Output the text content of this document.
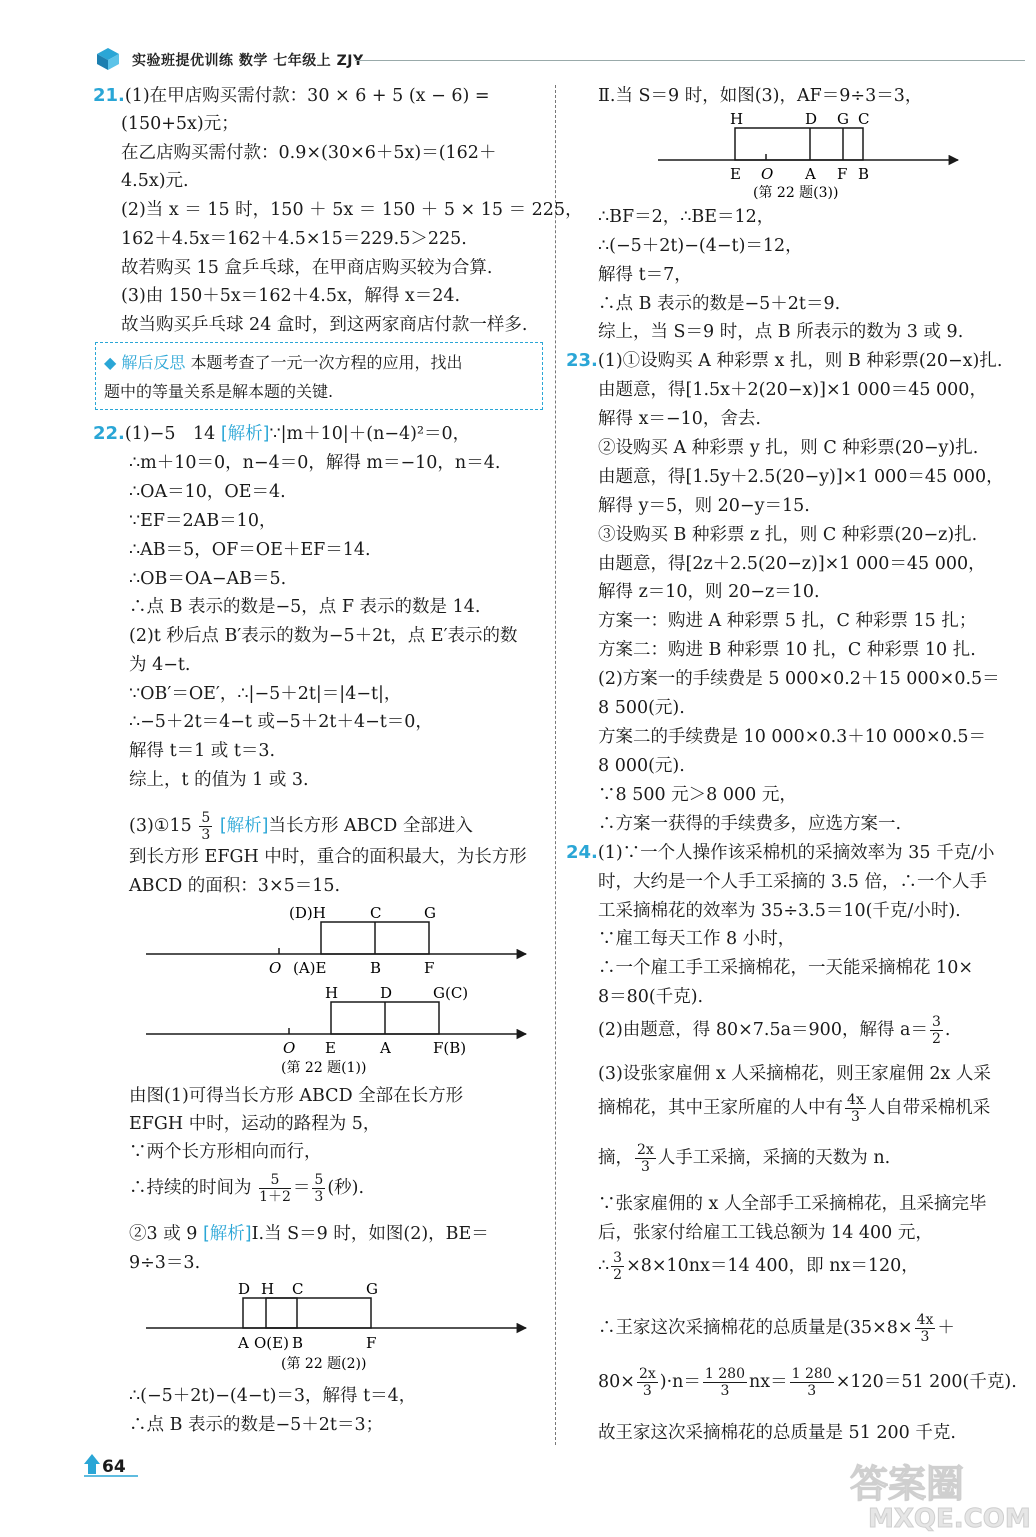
实验班提优训练 数学 七年级上 ZJY
21.(1)在甲店购买需付款：30 × 6 + 5 (x − 6) =
(150+5x)元；
在乙店购买需付款：0.9×(30×6＋5x)＝(162＋
4.5x)元.
(2)当 x ＝ 15 时，150 ＋ 5x ＝ 150 ＋ 5 × 15 ＝ 225，
162＋4.5x＝162＋4.5×15＝229.5＞225.
故若购买 15 盒乒乓球，在甲商店购买较为合算.
(3)由 150＋5x＝162＋4.5x，解得 x＝24.
故当购买乒乓球 24 盒时，到这两家商店付款一样多.
22.(1)−5　14 [解析]∵|m＋10|＋(n−4)²＝0，
∴m＋10＝0，n−4＝0，解得 m＝−10，n＝4.
∴OA＝10，OE＝4.
∵EF＝2AB＝10，
∴AB＝5，OF＝OE＋EF＝14.
∴OB＝OA−AB＝5.
∴点 B 表示的数是−5，点 F 表示的数是 14.
(2)t 秒后点 B′表示的数为−5＋2t，点 E′表示的数
为 4−t.
∵OB′＝OE′，∴|−5＋2t|＝|4−t|，
∴−5＋2t＝4−t 或−5＋2t＋4−t＝0，
解得 t＝1 或 t＝3.
综上，t 的值为 1 或 3.
(3)①15 $\frac{5}{3}$ [解析]当长方形 ABCD 全部进入
到长方形 EFGH 中时，重合的面积最大，为长方形
ABCD 的面积：3×5＝15.
(D)H	C	G
O (A)E	B	F
H	D	G(C)
O E	A	F(B)
(第 22 题(1))
由图(1)可得当长方形 ABCD 全部在长方形
EFGH 中时，运动的路程为 5，
∵两个长方形相向而行，
∴持续的时间为 $\frac{5}{1+2} = \frac{5}{3}$ (秒).
②3 或 9 [解析]Ⅰ.当 S＝9 时，如图(2)，BE＝
9÷3＝3.
D H C	G
A O(E) B	F
(第 22 题(2))
∴(−5＋2t)−(4−t)＝3，解得 t＝4，
∴点 B 表示的数是−5＋2t＝3；
◆ 解后反思 本题考查了一元一次方程的应用，找出
题中的等量关系是解本题的关键.
Ⅱ.当 S＝9 时，如图(3)，AF＝9÷3＝3，
H	D G C
E O A F B
(第 22 题(3))
∴BF＝2，∴BE＝12，
∴(−5＋2t)−(4−t)＝12，
解得 t＝7，
∴点 B 表示的数是−5＋2t＝9.
综上，当 S＝9 时，点 B 所表示的数为 3 或 9.
23.(1)①设购买 A 种彩票 x 扎，则 B 种彩票(20−x)扎.
由题意，得[1.5x＋2(20−x)]×1 000＝45 000，
解得 x＝−10，舍去.
②设购买 A 种彩票 y 扎，则 C 种彩票(20−y)扎.
由题意，得[1.5y＋2.5(20−y)]×1 000＝45 000，
解得 y＝5，则 20−y＝15.
③设购买 B 种彩票 z 扎，则 C 种彩票(20−z)扎.
由题意，得[2z＋2.5(20−z)]×1 000＝45 000，
解得 z＝10，则 20−z＝10.
方案一：购进 A 种彩票 5 扎，C 种彩票 15 扎；
方案二：购进 B 种彩票 10 扎，C 种彩票 10 扎.
(2)方案一的手续费是 5 000×0.2＋15 000×0.5＝
8 500(元).
方案二的手续费是 10 000×0.3＋10 000×0.5＝
8 000(元).
∵8 500 元＞8 000 元，
∴方案一获得的手续费多，应选方案一.
24.(1)∵一个人操作该采棉机的采摘效率为 35 千克/小
时，大约是一个人手工采摘的 3.5 倍，∴一个人手
工采摘棉花的效率为 35÷3.5＝10(千克/小时).
∵雇工每天工作 8 小时，
∴一个雇工手工采摘棉花，一天能采摘棉花 10×
8＝80(千克).
(2)由题意，得 80×7.5a＝900，解得 $a= \frac{3}{2}$ .
(3)设张家雇佣 x 人采摘棉花，则王家雇佣 2x 人采
摘棉花，其中王家所雇的人中有 $\frac{4x}{3}$ 人自带采棉机采
摘， $\frac{2x}{3}$ 人手工采摘，采摘的天数为 n.
∵张家雇佣的 x 人全部手工采摘棉花，且采摘完毕
后，张家付给雇工工钱总额为 14 400 元，
∴ $\frac{3}{2} \times 8\times 10nx=14$ 400，即 nx＝120，
∴王家这次采摘棉花的总质量是($35\times 8\times \frac{4x}{3}$ ＋
$80\times \frac{2x}{3} )\cdot n= \frac{1 280}{3} nx= \frac{1 280}{3} \times 120=51$ 200(千克).
故王家这次采摘棉花的总质量是 51 200 千克.
64	答案圈
MXQE.COM
